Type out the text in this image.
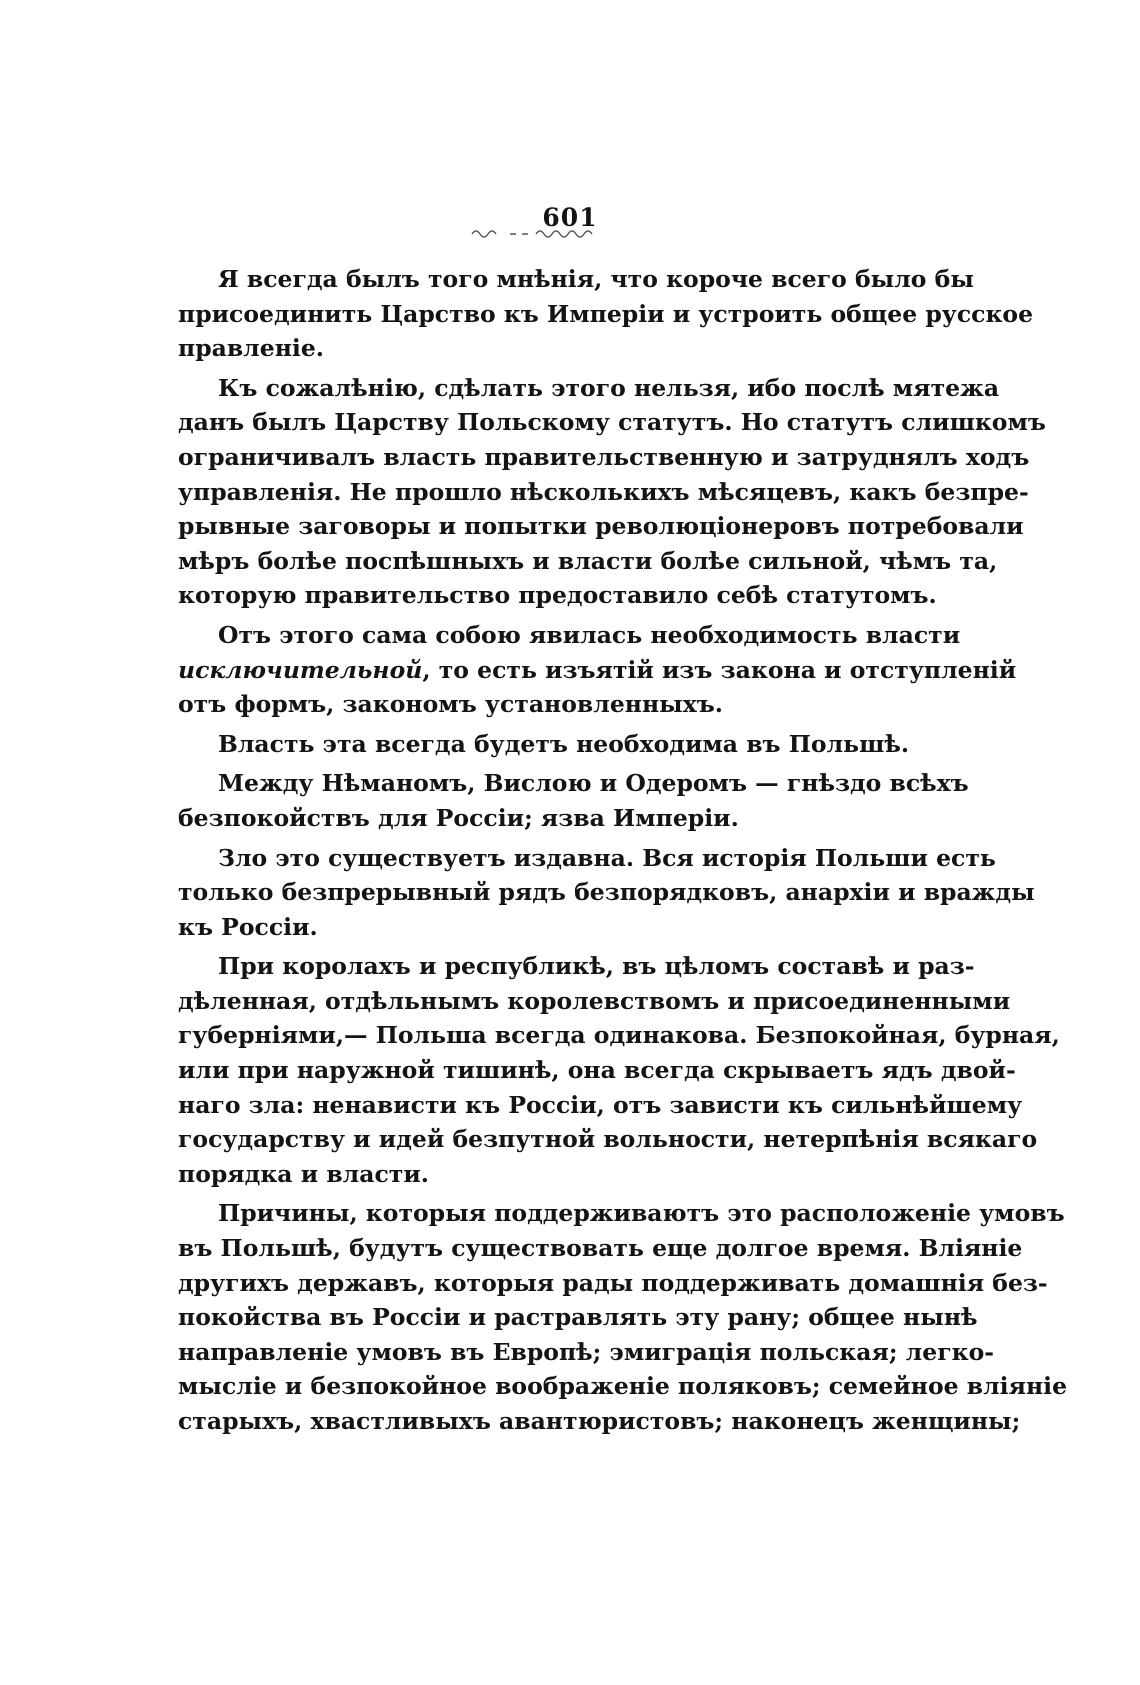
601
Я всегда былъ того мнѣнія, что короче всего было бы
присоединить Царство къ Имперіи и устроить общее русское
правленіе.
Къ сожалѣнію, сдѣлать этого нельзя, ибо послѣ мятежа
данъ былъ Царству Польскому статутъ. Но статутъ слишкомъ
ограничивалъ власть правительственную и затруднялъ ходъ
управленія. Не прошло нѣсколькихъ мѣсяцевъ, какъ безпре-
рывные заговоры и попытки революціонеровъ потребовали
мѣръ болѣе поспѣшныхъ и власти болѣе сильной, чѣмъ та,
которую правительство предоставило себѣ статутомъ.
Отъ этого сама собою явилась необходимость власти
исключительной, то есть изъятій изъ закона и отступленій
отъ формъ, закономъ установленныхъ.
Власть эта всегда будетъ необходима въ Польшѣ.
Между Нѣманомъ, Вислою и Одеромъ — гнѣздо всѣхъ
безпокойствъ для Россіи; язва Имперіи.
Зло это существуетъ издавна. Вся исторія Польши есть
только безпрерывный рядъ безпорядковъ, анархіи и вражды
къ Россіи.
При королахъ и республикѣ, въ цѣломъ составѣ и раз-
дѣленная, отдѣльнымъ королевствомъ и присоединенными
губерніями,— Польша всегда одинакова. Безпокойная, бурная,
или при наружной тишинѣ, она всегда скрываетъ ядъ двой-
наго зла: ненависти къ Россіи, отъ зависти къ сильнѣйшему
государству и идей безпутной вольности, нетерпѣнія всякаго
порядка и власти.
Причины, которыя поддерживаютъ это расположеніе умовъ
въ Польшѣ, будутъ существовать еще долгое время. Вліяніе
другихъ державъ, которыя рады поддерживать домашнія без-
покойства въ Россіи и растравлять эту рану; общее нынѣ
направленіе умовъ въ Европѣ; эмиграція польская; легко-
мысліе и безпокойное воображеніе поляковъ; семейное вліяніе
старыхъ, хвастливыхъ авантюристовъ; наконецъ женщины;
